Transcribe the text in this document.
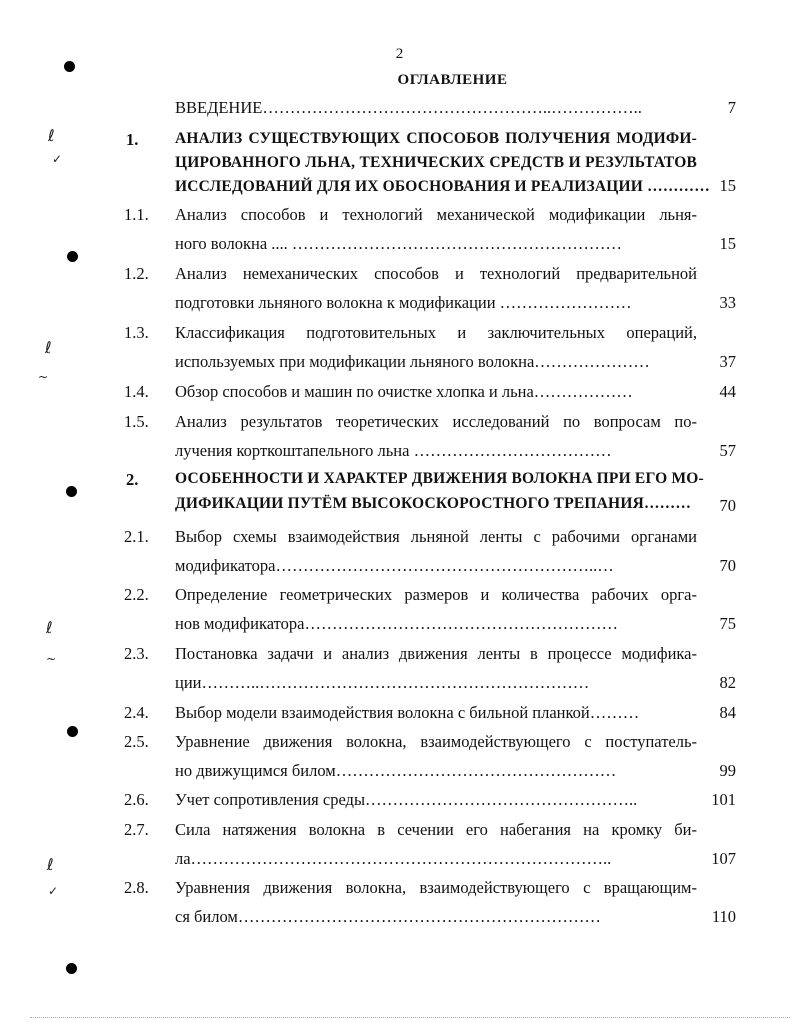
2
ОГЛАВЛЕНИЕ
ℓ
✓
ℓ
~
ℓ
~
ℓ
✓
ВВЕДЕНИЕ……………………………………………..……………..	7
1. АНАЛИЗ СУЩЕСТВУЮЩИХ СПОСОБОВ ПОЛУЧЕНИЯ МОДИФИ-
ЦИРОВАННОГО ЛЬНА, ТЕХНИЧЕСКИХ СРЕДСТВ И РЕЗУЛЬТАТОВ
ИССЛЕДОВАНИЙ ДЛЯ ИХ ОБОСНОВАНИЯ И РЕАЛИЗАЦИИ ………… 15
1.1. Анализ способов и технологий механической модификации льня-
ного волокна .... ……………………………………………………	15
1.2. Анализ немеханических способов и технологий предварительной
подготовки льняного волокна к модификации ……………………	33
1.3. Классификация подготовительных и заключительных операций,
используемых при модификации льняного волокна…………………	37
1.4. Обзор способов и машин по очистке хлопка и льна………………	44
1.5. Анализ результатов теоретических исследований по вопросам по-
лучения корткоштапельного льна ………………………………	57
2. ОСОБЕННОСТИ И ХАРАКТЕР ДВИЖЕНИЯ ВОЛОКНА ПРИ ЕГО МО-
ДИФИКАЦИИ ПУТЁМ ВЫСОКОСКОРОСТНОГО ТРЕПАНИЯ………	70
2.1. Выбор схемы взаимодействия льняной ленты с рабочими органами
модификатора…………………………………………………..…	70
2.2. Определение геометрических размеров и количества рабочих орга-
нов модификатора…………………………………………………	75
2.3. Постановка задачи и анализ движения ленты в процессе модифика-
ции………..……………………………………………………	82
2.4. Выбор модели взаимодействия волокна с бильной планкой………	84
2.5. Уравнение движения волокна, взаимодействующего с поступатель-
но движущимся билом……………………………………………	99
2.6. Учет сопротивления среды…………………………………………..	101
2.7. Сила натяжения волокна в сечении его набегания на кромку би-
ла…………………………………………………………………..	107
2.8. Уравнения движения волокна, взаимодействующего с вращающим-
ся билом…………………………………………………………	110
